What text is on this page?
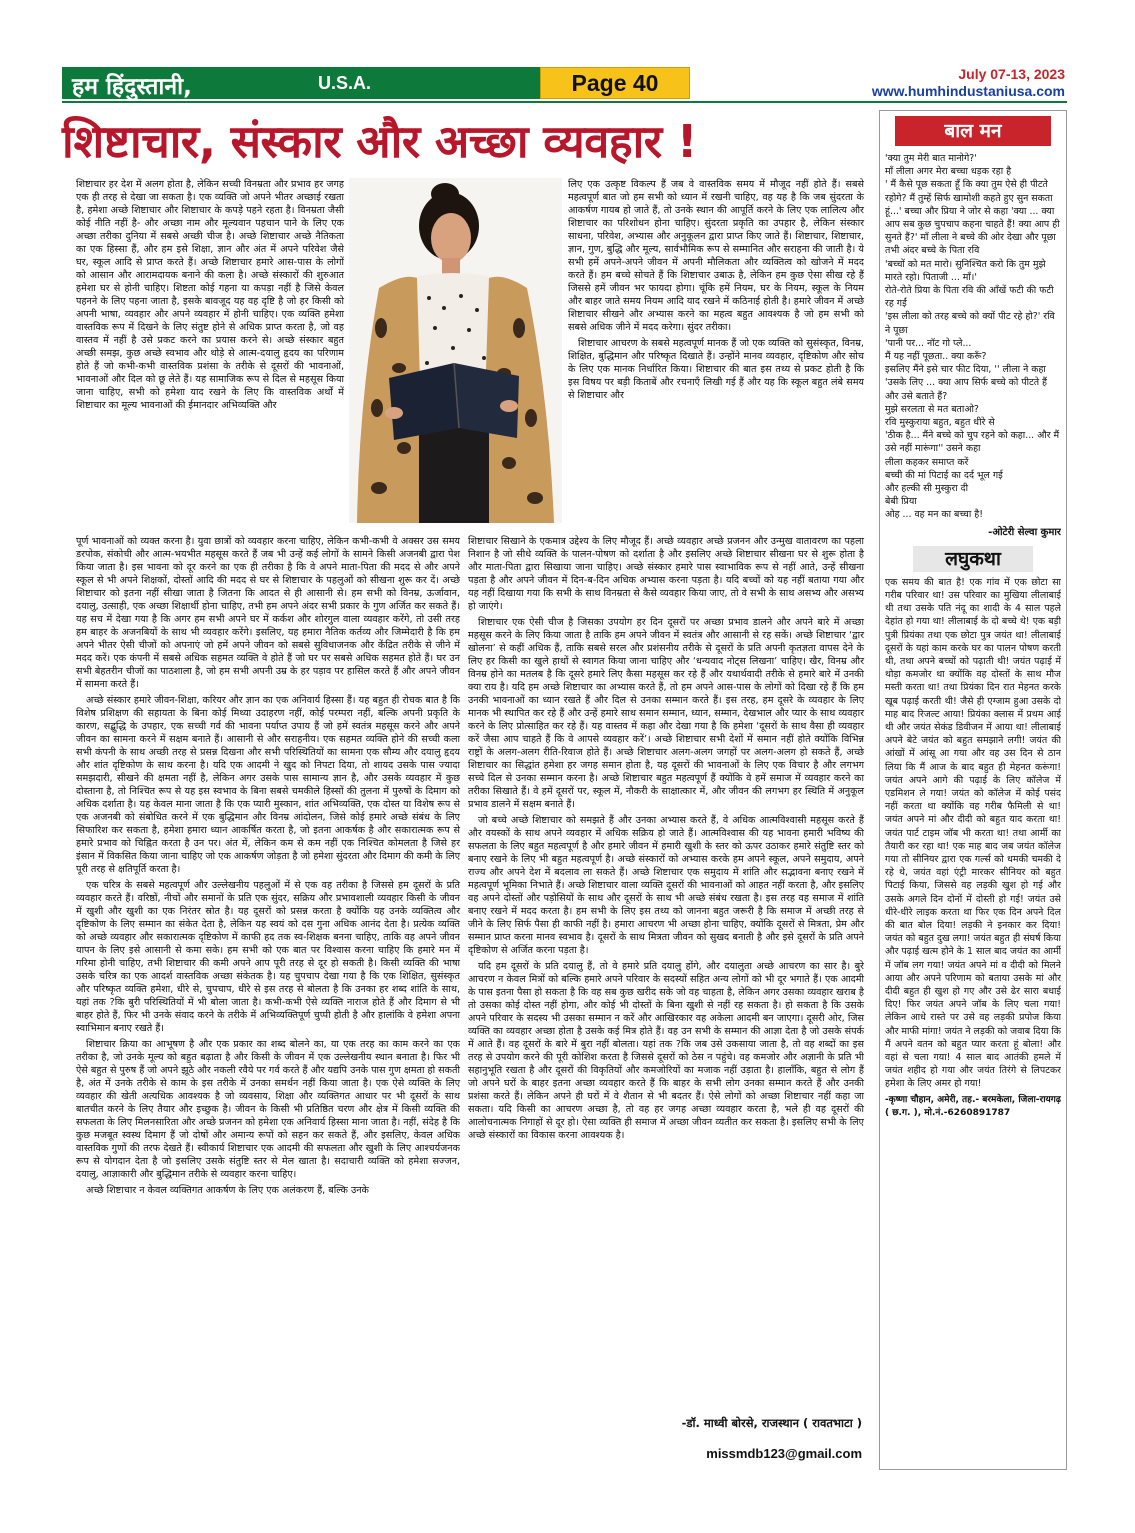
हम हिंदुस्तानी,	U.S.A.	Page 40	July 07-13, 2023
www.humhindustaniusa.com
शिष्टाचार, संस्कार और अच्छा व्यवहार !

शिष्टाचार हर देश में अलग होता है, लेकिन सच्ची विनम्रता और प्रभाव हर जगह एक ही तरह से देखा जा सकता है। एक व्यक्ति जो अपने भीतर अच्छाई रखता है, हमेशा अच्छे शिष्टाचार और शिष्टाचार के कपड़े पहने रहता है। विनम्रता जैसी कोई नीति नहीं है- और अच्छा नाम और मूल्यवान पहचान पाने के लिए एक अच्छा तरीका दुनिया में सबसे अच्छी चीज है। अच्छे शिष्टाचार अच्छे नैतिकता का एक हिस्सा हैं, और हम इसे शिक्षा, ज्ञान और अंत में अपने परिवेश जैसे घर, स्कूल आदि से प्राप्त करते हैं। अच्छे शिष्टाचार हमारे आस-पास के लोगों को आसान और आरामदायक बनाने की कला है। अच्छे संस्कारों की शुरुआत हमेशा घर से होनी चाहिए। शिष्टता कोई गहना या कपड़ा नहीं है जिसे केवल पहनने के लिए पहना जाता है, इसके बावजूद यह वह दृष्टि है जो हर किसी को अपनी भाषा, व्यवहार और अपने व्यवहार में होनी चाहिए। एक व्यक्ति हमेशा वास्तविक रूप में दिखने के लिए संतुष्ट होने से अधिक प्राप्त करता है, जो वह वास्तव में नहीं है उसे प्रकट करने का प्रयास करने से। अच्छे संस्कार बहुत अच्छी समझ, कुछ अच्छे स्वभाव और थोड़े से आत्म-दयालु हृदय का परिणाम होते हैं जो कभी-कभी वास्तविक प्रशंसा के तरीके से दूसरों की भावनाओं, भावनाओं और दिल को छू लेते हैं। यह सामाजिक रूप से दिल से महसूस किया जाना चाहिए, सभी को हमेशा याद रखने के लिए कि वास्तविक अर्थों में शिष्टाचार का मूल्य भावनाओं की ईमानदार अभिव्यक्ति और

लिए एक उत्कृष्ट विकल्प हैं जब वे वास्तविक समय में मौजूद नहीं होते हैं। सबसे महत्वपूर्ण बात जो हम सभी को ध्यान में रखनी चाहिए, वह यह है कि जब सुंदरता के आकर्षण गायब हो जाते हैं, तो उनके स्थान की आपूर्ति करने के लिए एक लालित्य और शिष्टाचार का परिशोधन होना चाहिए। सुंदरता प्रकृति का उपहार है, लेकिन संस्कार साधना, परिवेश, अभ्यास और अनुकूलन द्वारा प्राप्त किए जाते हैं। शिष्टाचार, शिष्टाचार, ज्ञान, गुण, बुद्धि और मूल्य, सार्वभौमिक रूप से सम्मानित और सराहना की जाती है। ये सभी हमें अपने-अपने जीवन में अपनी मौलिकता और व्यक्तित्व को खोजने में मदद करते हैं। हम बच्चे सोचते हैं कि शिष्टाचार उबाऊ है, लेकिन हम कुछ ऐसा सीख रहे हैं जिससे हमें जीवन भर फायदा होगा। चूंकि हमें नियम, घर के नियम, स्कूल के नियम और बाहर जाते समय नियम आदि याद रखने में कठिनाई होती है। हमारे जीवन में अच्छे शिष्टाचार सीखने और अभ्यास करने का महत्व बहुत आवश्यक है जो हम सभी को सबसे अधिक जीने में मदद करेगा। सुंदर तरीका।

शिष्टाचार आचरण के सबसे महत्वपूर्ण मानक हैं जो एक व्यक्ति को सुसंस्कृत, विनम्र, शिक्षित, बुद्धिमान और परिष्कृत दिखाते हैं। उन्होंने मानव व्यवहार, दृष्टिकोण और सोच के लिए एक मानक निर्धारित किया। शिष्टाचार की बात इस तथ्य से प्रकट होती है कि इस विषय पर बड़ी किताबें और रचनाएँ लिखी गई हैं और यह कि स्कूल बहुत लंबे समय से शिष्टाचार और

पूर्ण भावनाओं को व्यक्त करना है। युवा छात्रों को व्यवहार करना चाहिए, लेकिन कभी-कभी वे अक्सर उस समय डरपोक, संकोची और आत्म-भयभीत महसूस करते हैं जब भी उन्हें कई लोगों के सामने किसी अजनबी द्वारा पेश किया जाता है। इस भावना को दूर करने का एक ही तरीका है कि वे अपने माता-पिता की मदद से और अपने स्कूल से भी अपने शिक्षकों, दोस्तों आदि की मदद से घर से शिष्टाचार के पहलुओं को सीखना शुरू कर दें। अच्छे शिष्टाचार को इतना नहीं सीखा जाता है जितना कि आदत से ही आसानी से। हम सभी को विनम्र, ऊर्जावान, दयालु, उत्साही, एक अच्छा शिक्षार्थी होना चाहिए, तभी हम अपने अंदर सभी प्रकार के गुण अर्जित कर सकते हैं। यह सच में देखा गया है कि अगर हम सभी अपने घर में कर्कश और शोरगुल वाला व्यवहार करेंगे, तो उसी तरह हम बाहर के अजनबियों के साथ भी व्यवहार करेंगे। इसलिए, यह हमारा नैतिक कर्तव्य और जिम्मेदारी है कि हम अपने भीतर ऐसी चीजों को अपनाएं जो हमें अपने जीवन को सबसे सुविधाजनक और केंद्रित तरीके से जीने में मदद करें। एक कंपनी में सबसे अधिक सहमत व्यक्ति वे होते हैं जो घर पर सबसे अधिक सहमत होते हैं। घर उन सभी बेहतरीन चीजों का पाठशाला है, जो हम सभी अपनी उम्र के हर पड़ाव पर हासिल करते हैं और अपने जीवन में सामना करते हैं।

अच्छे संस्कार हमारे जीवन-शिक्षा, करियर और ज्ञान का एक अनिवार्य हिस्सा हैं। यह बहुत ही रोचक बात है कि विशेष प्रशिक्षण की सहायता के बिना कोई मिथ्या उदाहरण नहीं, कोई परम्परा नहीं, बल्कि अपनी प्रकृति के कारण, सद्बुद्धि के उपहार, एक सच्ची गर्व की भावना पर्याप्त उपाय हैं जो हमें स्वतंत्र महसूस करने और अपने जीवन का सामना करने में सक्षम बनाते हैं। आसानी से और सराहनीय। एक सहमत व्यक्ति होने की सच्ची कला सभी कंपनी के साथ अच्छी तरह से प्रसन्न दिखना और सभी परिस्थितियों का सामना एक सौम्य और दयालु हृदय और शांत दृष्टिकोण के साथ करना है। यदि एक आदमी ने खुद को निपटा दिया, तो शायद उसके पास ज्यादा समझदारी, सीखने की क्षमता नहीं है, लेकिन अगर उसके पास सामान्य ज्ञान है, और उसके व्यवहार में कुछ दोस्ताना है, तो निश्चित रूप से यह इस स्वभाव के बिना सबसे चमकीले हिस्सों की तुलना में पुरुषों के दिमाग को अधिक दर्शाता है। यह केवल माना जाता है कि एक प्यारी मुस्कान, शांत अभिव्यक्ति, एक दोस्त या विशेष रूप से एक अजनबी को संबोधित करने में एक बुद्धिमान और विनम्र आंदोलन, जिसे कोई हमारे अच्छे संबंध के लिए सिफारिश कर सकता है, हमेशा हमारा ध्यान आकर्षित करता है, जो इतना आकर्षक है और सकारात्मक रूप से हमारे प्रभाव को चिह्नित करता है उन पर। अंत में, लेकिन कम से कम नहीं एक निश्चित कोमलता है जिसे हर इंसान में विकसित किया जाना चाहिए जो एक आकर्षण जोड़ता है जो हमेशा सुंदरता और दिमाग की कमी के लिए पूरी तरह से क्षतिपूर्ति करता है।

एक चरित्र के सबसे महत्वपूर्ण और उल्लेखनीय पहलुओं में से एक वह तरीका है जिससे हम दूसरों के प्रति व्यवहार करते हैं। वरिष्ठों, नीचों और समानों के प्रति एक सुंदर, सक्रिय और प्रभावशाली व्यवहार किसी के जीवन में खुशी और खुशी का एक निरंतर स्रोत है। यह दूसरों को प्रसन्न करता है क्योंकि यह उनके व्यक्तित्व और दृष्टिकोण के लिए सम्मान का संकेत देता है, लेकिन यह स्वयं को दस गुना अधिक आनंद देता है। प्रत्येक व्यक्ति को अच्छे व्यवहार और सकारात्मक दृष्टिकोण में काफी हद तक स्व-शिक्षक बनना चाहिए, ताकि वह अपने जीवन यापन के लिए इसे आसानी से कमा सके। हम सभी को एक बात पर विश्वास करना चाहिए कि हमारे मन में गरिमा होनी चाहिए, तभी शिष्टाचार की कमी अपने आप पूरी तरह से दूर हो सकती है। किसी व्यक्ति की भाषा उसके चरित्र का एक आदर्श वास्तविक अच्छा संकेतक है। यह चुपचाप देखा गया है कि एक शिक्षित, सुसंस्कृत और परिष्कृत व्यक्ति हमेशा, धीरे से, चुपचाप, धीरे से इस तरह से बोलता है कि उनका हर शब्द शांति के साथ, यहां तक ?कि बुरी परिस्थितियों में भी बोला जाता है। कभी-कभी ऐसे व्यक्ति नाराज होते हैं और दिमाग से भी बाहर होते हैं, फिर भी उनके संवाद करने के तरीके में अभिव्यक्तिपूर्ण चुप्पी होती है और हालांकि वे हमेशा अपना स्वाभिमान बनाए रखते हैं।

शिष्टाचार क्रिया का आभूषण है और एक प्रकार का शब्द बोलने का, या एक तरह का काम करने का एक तरीका है, जो उनके मूल्य को बहुत बढ़ाता है और किसी के जीवन में एक उल्लेखनीय स्थान बनाता है। फिर भी ऐसे बहुत से पुरुष हैं जो अपने झूठे और नकली रवैये पर गर्व करते हैं और यद्यपि उनके पास गुण क्षमता हो सकती है, अंत में उनके तरीके से काम के इस तरीके में उनका समर्थन नहीं किया जाता है। एक ऐसे व्यक्ति के लिए व्यवहार की खेती अत्यधिक आवश्यक है जो व्यवसाय, शिक्षा और व्यक्तिगत आधार पर भी दूसरों के साथ बातचीत करने के लिए तैयार और इच्छुक है। जीवन के किसी भी प्रतिष्ठित चरण और क्षेत्र में किसी व्यक्ति की सफलता के लिए मिलनसारिता और अच्छे प्रजनन को हमेशा एक अनिवार्य हिस्सा माना जाता है। नहीं, संदेह है कि कुछ मजबूत स्वस्थ दिमाग हैं जो दोषों और अमान्य रूपों को सहन कर सकते हैं, और इसलिए, केवल अधिक वास्तविक गुणों की तरफ देखते हैं। स्वीकार्य शिष्टाचार एक आदमी की सफलता और खुशी के लिए आश्चर्यजनक रूप से योगदान देता है जो इसलिए उसके संतुष्टि स्तर से मेल खाता है। सदाचारी व्यक्ति को हमेशा सज्जन, दयालु, आज्ञाकारी और बुद्धिमान तरीके से व्यवहार करना चाहिए।

अच्छे शिष्टाचार न केवल व्यक्तिगत आकर्षण के लिए एक अलंकरण हैं, बल्कि उनके

शिष्टाचार सिखाने के एकमात्र उद्देश्य के लिए मौजूद हैं। अच्छे व्यवहार अच्छे प्रजनन और उन्मुख वातावरण का पहला निशान है जो सीधे व्यक्ति के पालन-पोषण को दर्शाता है और इसलिए अच्छे शिष्टाचार सीखना घर से शुरू होता है और माता-पिता द्वारा सिखाया जाना चाहिए। अच्छे संस्कार हमारे पास स्वाभाविक रूप से नहीं आते, उन्हें सीखना पड़ता है और अपने जीवन में दिन-ब-दिन अधिक अभ्यास करना पड़ता है। यदि बच्चों को यह नहीं बताया गया और यह नहीं दिखाया गया कि सभी के साथ विनम्रता से कैसे व्यवहार किया जाए, तो वे सभी के साथ असभ्य और असभ्य हो जाएंगे।

शिष्टाचार एक ऐसी चीज है जिसका उपयोग हर दिन दूसरों पर अच्छा प्रभाव डालने और अपने बारे में अच्छा महसूस करने के लिए किया जाता है ताकि हम अपने जीवन में स्वतंत्र और आसानी से रह सकें। अच्छे शिष्टाचार ‘द्वार खोलना’ से कहीं अधिक हैं, ताकि सबसे सरल और प्रशंसनीय तरीके से दूसरों के प्रति अपनी कृतज्ञता वापस देने के लिए हर किसी का खुले हाथों से स्वागत किया जाना चाहिए और ‘धन्यवाद नोट्स लिखना’ चाहिए। खैर, विनम्र और विनम्र होने का मतलब है कि दूसरे हमारे लिए कैसा महसूस कर रहे हैं और यथार्थवादी तरीके से हमारे बारे में उनकी क्या राय है। यदि हम अच्छे शिष्टाचार का अभ्यास करते हैं, तो हम अपने आस-पास के लोगों को दिखा रहे हैं कि हम उनकी भावनाओं का ध्यान रखते हैं और दिल से उनका सम्मान करते हैं। इस तरह, हम दूसरे के व्यवहार के लिए मानक भी स्थापित कर रहे हैं और उन्हें हमारे साथ समान सम्मान, ध्यान, सम्मान, देखभाल और प्यार के साथ व्यवहार करने के लिए प्रोत्साहित कर रहे हैं। यह वास्तव में कहा और देखा गया है कि हमेशा ‘दूसरों के साथ वैसा ही व्यवहार करें जैसा आप चाहते हैं कि वे आपसे व्यवहार करें’। अच्छे शिष्टाचार सभी देशों में समान नहीं होते क्योंकि विभिन्न राष्ट्रों के अलग-अलग रीति-रिवाज होते हैं। अच्छे शिष्टाचार अलग-अलग जगहों पर अलग-अलग हो सकते हैं, अच्छे शिष्टाचार का सिद्धांत हमेशा हर जगह समान होता है, यह दूसरों की भावनाओं के लिए एक विचार है और लगभग सच्चे दिल से उनका सम्मान करना है। अच्छे शिष्टाचार बहुत महत्वपूर्ण हैं क्योंकि वे हमें समाज में व्यवहार करने का तरीका सिखाते हैं। वे हमें दूसरों पर, स्कूल में, नौकरी के साक्षात्कार में, और जीवन की लगभग हर स्थिति में अनुकूल प्रभाव डालने में सक्षम बनाते हैं।

जो बच्चे अच्छे शिष्टाचार को समझते हैं और उनका अभ्यास करते हैं, वे अधिक आत्मविश्वासी महसूस करते हैं और वयस्कों के साथ अपने व्यवहार में अधिक सक्रिय हो जाते हैं। आत्मविश्वास की यह भावना हमारी भविष्य की सफलता के लिए बहुत महत्वपूर्ण है और हमारे जीवन में हमारी खुशी के स्तर को ऊपर उठाकर हमारे संतुष्टि स्तर को बनाए रखने के लिए भी बहुत महत्वपूर्ण है। अच्छे संस्कारों को अभ्यास करके हम अपने स्कूल, अपने समुदाय, अपने राज्य और अपने देश में बदलाव ला सकते हैं। अच्छे शिष्टाचार एक समुदाय में शांति और सद्भावना बनाए रखने में महत्वपूर्ण भूमिका निभाते हैं। अच्छे शिष्टाचार वाला व्यक्ति दूसरों की भावनाओं को आहत नहीं करता है, और इसलिए वह अपने दोस्तों और पड़ोसियों के साथ और दूसरों के साथ भी अच्छे संबंध रखता है। इस तरह वह समाज में शांति बनाए रखने में मदद करता है। हम सभी के लिए इस तथ्य को जानना बहुत जरूरी है कि समाज में अच्छी तरह से जीने के लिए सिर्फ पैसा ही काफी नहीं है। हमारा आचरण भी अच्छा होना चाहिए, क्योंकि दूसरों से मित्रता, प्रेम और सम्मान प्राप्त करना मानव स्वभाव है। दूसरों के साथ मित्रता जीवन को सुखद बनाती है और इसे दूसरों के प्रति अपने दृष्टिकोण से अर्जित करना पड़ता है।

यदि हम दूसरों के प्रति दयालु हैं, तो वे हमारे प्रति दयालु होंगे, और दयालुता अच्छे आचरण का सार है। बुरे आचरण न केवल मित्रों को बल्कि हमारे अपने परिवार के सदस्यों सहित अन्य लोगों को भी दूर भगाते हैं। एक आदमी के पास इतना पैसा हो सकता है कि वह सब कुछ खरीद सके जो वह चाहता है, लेकिन अगर उसका व्यवहार खराब है तो उसका कोई दोस्त नहीं होगा, और कोई भी दोस्तों के बिना खुशी से नहीं रह सकता है। हो सकता है कि उसके अपने परिवार के सदस्य भी उसका सम्मान न करें और आखिरकार वह अकेला आदमी बन जाएगा। दूसरी ओर, जिस व्यक्ति का व्यवहार अच्छा होता है उसके कई मित्र होते हैं। वह उन सभी के सम्मान की आज्ञा देता है जो उसके संपर्क में आते हैं। वह दूसरों के बारे में बुरा नहीं बोलता। यहां तक ?कि जब उसे उकसाया जाता है, तो वह शब्दों का इस तरह से उपयोग करने की पूरी कोशिश करता है जिससे दूसरों को ठेस न पहुंचे। वह कमजोर और अज्ञानी के प्रति भी सहानुभूति रखता है और दूसरों की विकृतियों और कमजोरियों का मजाक नहीं उड़ाता है। हालाँकि, बहुत से लोग हैं जो अपने घरों के बाहर इतना अच्छा व्यवहार करते हैं कि बाहर के सभी लोग उनका सम्मान करते हैं और उनकी प्रशंसा करते हैं। लेकिन अपने ही घरों में वे शैतान से भी बदतर हैं। ऐसे लोगों को अच्छा शिष्टाचार नहीं कहा जा सकता। यदि किसी का आचरण अच्छा है, तो वह हर जगह अच्छा व्यवहार करता है, भले ही वह दूसरों की आलोचनात्मक निगाहों से दूर हो। ऐसा व्यक्ति ही समाज में अच्छा जीवन व्यतीत कर सकता है। इसलिए सभी के लिए अच्छे संस्कारों का विकास करना आवश्यक है।

-डॉ. माध्वी बोरसे, राजस्थान ( रावतभाटा )
missmdb123@gmail.com
बाल मन
'क्या तुम मेरी बात मानोगे?'
माँ लीला अगर मेरा बच्चा धड़क रहा है
' मैं कैसे पूछ सकता हूँ कि क्या तुम ऐसे ही पीटते रहोगे? मैं तुम्हें सिर्फ खामोशी कहते हुए सुन सकता हूं...' बच्चा और प्रिया ने जोर से कहा 'क्या ... क्या आप सब कुछ चुपचाप कहना चाहते हैं! क्या आप ही सुनते हैं?' माँ लीला ने बच्चे की ओर देखा और पूछा तभी अंदर बच्चे के पिता रवि
'बच्चों को मत मारो। सुनिश्चित करो कि तुम मुझे मारते रहो। पिताजी ... माँ।'
रोते-रोते प्रिया के पिता रवि की आँखें फटी की फटी रह गईं
'इस लीला को तरह बच्चे को क्यों पीट रहे हो?' रवि ने पूछा
'पानी पर... नॉट गो प्ले...
मैं यह नहीं पूछता.. क्या करूँ?
इसलिए मैंने इसे चार फीट दिया, '' लीला ने कहा
'उसके लिए ... क्या आप सिर्फ बच्चे को पीटते हैं और उसे बताते हैं?
मुझे सरलता से मत बताओ?
रवि मुस्कुराया बहुत, बहुत धीरे से
'ठीक है... मैंने बच्चे को चुप रहने को कहा... और मैं उसे नहीं मारूंगा'' उसने कहा
लीला कहकर समाप्त करें
बच्ची की मां पिटाई का दर्द भूल गई
और हल्की सी मुस्कुरा दी
बेबी प्रिया
ओह ... वह मन का बच्चा है!
-ओटेरी सेल्वा कुमार
लघुकथा
एक समय की बात है! एक गांव में एक छोटा सा गरीब परिवार था! उस परिवार का मुखिया लीलाबाई थी तथा उसके पति नंदू का शादी के 4 साल पहले देहांत हो गया था! लीलाबाई के दो बच्चे थे! एक बड़ी पुत्री प्रियंका तथा एक छोटा पुत्र जयंत था! लीलाबाई दूसरों के यहां काम करके घर का पालन पोषण करती थी, तथा अपने बच्चों को पढ़ाती थी! जयंत पढ़ाई में थोड़ा कमजोर था क्योंकि वह दोस्तों के साथ मौज मस्ती करता था! तथा प्रियंका दिन रात मेहनत करके खूब पढ़ाई करती थी! जैसे ही एग्जाम हुआ उसके दो माह बाद रिजल्ट आया! प्रियंका क्लास में प्रथम आई थी और जयंत सेकंड डिवीजन में आया था! लीलाबाई अपने बेटे जयंत को बहुत समझाने लगी! जयंत की आंखों में आंसू आ गया और वह उस दिन से ठान लिया कि मैं आज के बाद बहुत ही मेहनत करूंगा! जयंत अपने आगे की पढ़ाई के लिए कॉलेज में एडमिशन ले गया! जयंत को कॉलेज में कोई पसंद नहीं करता था क्योंकि वह गरीब फैमिली से था! जयंत अपने मां और दीदी को बहुत याद करता था! जयंत पार्ट टाइम जॉब भी करता था! तथा आर्मी का तैयारी कर रहा था! एक माह बाद जब जयंत कॉलेज गया तो सीनियर द्वारा एक गर्ल्स को धमकी चमकी दे रहे थे, जयंत वहां एंट्री मारकर सीनियर को बहुत पिटाई किया, जिससे वह लड़की खुश हो गई और उसके अगले दिन दोनों में दोस्ती हो गई! जयंत उसे धीरे-धीरे लाइक करता था फिर एक दिन अपने दिल की बात बोल दिया! लड़की ने इनकार कर दिया! जयंत को बहुत दुख लगा! जयंत बहुत ही संघर्ष किया और पढ़ाई खत्म होने के 1 साल बाद जयंत का आर्मी में जॉब लग गया! जयंत अपने मां व दीदी को मिलने आया और अपने परिणाम को बताया उसके मां और दीदी बहुत ही खुश हो गए और उसे ढेर सारा बधाई दिए! फिर जयंत अपने जॉब के लिए चला गया! लेकिन आधे रास्ते पर उसे वह लड़की प्रपोज किया और माफी मांगा! जयंत ने लड़की को जवाब दिया कि मैं अपने वतन को बहुत प्यार करता हूं बोला! और वहां से चला गया! 4 साल बाद आतंकी हमले में जयंत शहीद हो गया और जयंत तिरंगे से लिपटकर हमेशा के लिए अमर हो गया!
-कृष्णा चौहान, अमेरी, तह.- बरमकेला, जिला-रायगढ़ ( छ.ग. ), मो.नं.-6260891787
